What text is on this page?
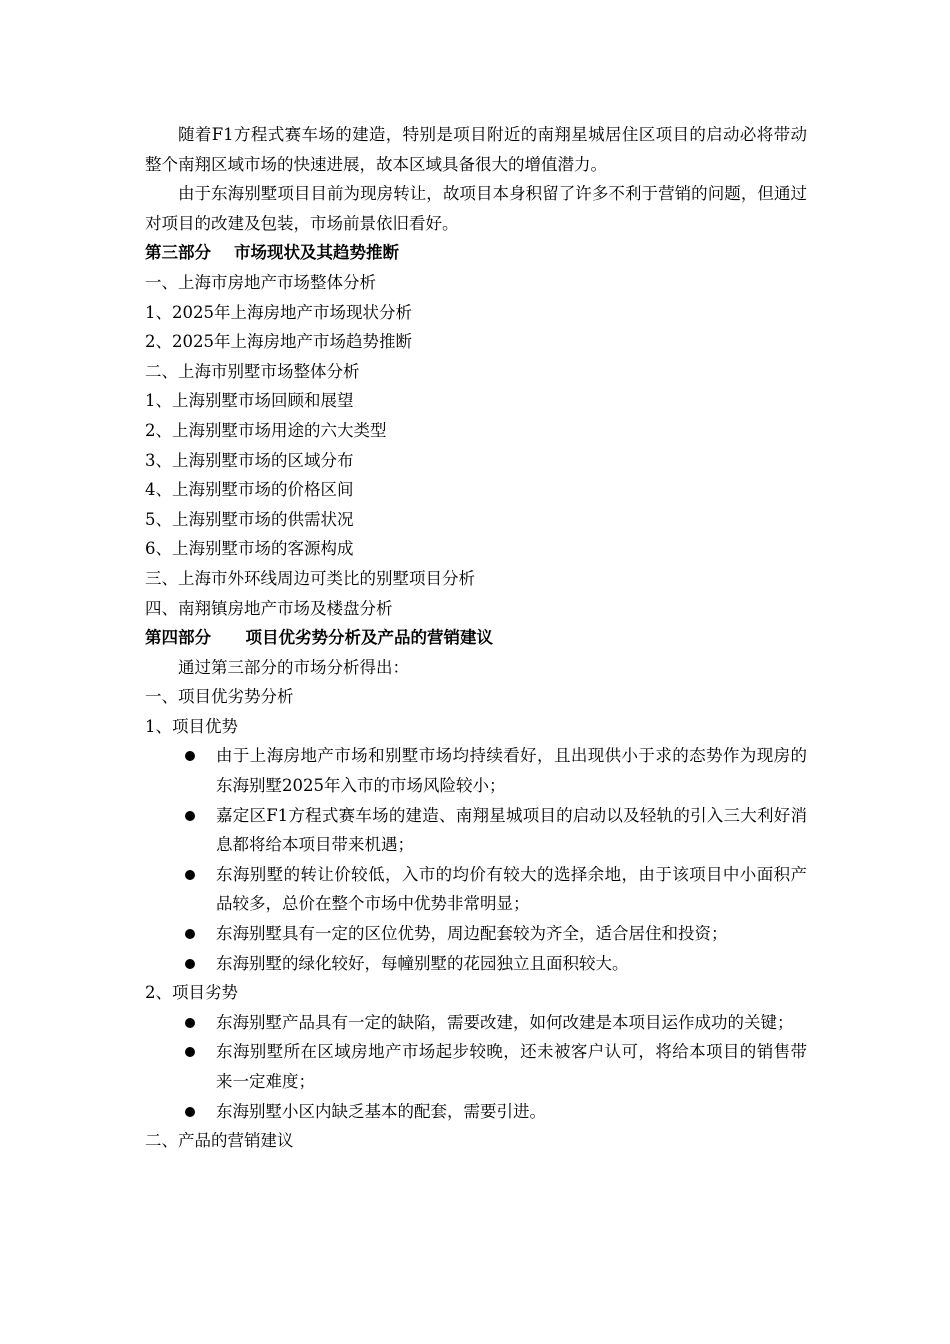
随着F1方程式赛车场的建造，特别是项目附近的南翔星城居住区项目的启动必将带动整个南翔区域市场的快速进展，故本区域具备很大的增值潜力。

由于东海别墅项目目前为现房转让，故项目本身积留了许多不利于营销的问题，但通过对项目的改建及包装，市场前景依旧看好。

第三部分    市场现状及其趋势推断

一、上海市房地产市场整体分析

1、2025年上海房地产市场现状分析

2、2025年上海房地产市场趋势推断

二、上海市别墅市场整体分析

1、上海别墅市场回顾和展望

2、上海别墅市场用途的六大类型

3、上海别墅市场的区域分布

4、上海别墅市场的价格区间

5、上海别墅市场的供需状况

6、上海别墅市场的客源构成

三、上海市外环线周边可类比的别墅项目分析

四、南翔镇房地产市场及楼盘分析

第四部分      项目优劣势分析及产品的营销建议

通过第三部分的市场分析得出：

一、项目优劣势分析

1、项目优势

由于上海房地产市场和别墅市场均持续看好，且出现供小于求的态势作为现房的东海别墅2025年入市的市场风险较小；
嘉定区F1方程式赛车场的建造、南翔星城项目的启动以及轻轨的引入三大利好消息都将给本项目带来机遇；
东海别墅的转让价较低，入市的均价有较大的选择余地，由于该项目中小面积产品较多，总价在整个市场中优势非常明显；
东海别墅具有一定的区位优势，周边配套较为齐全，适合居住和投资；
东海别墅的绿化较好，每幢别墅的花园独立且面积较大。

2、项目劣势

东海别墅产品具有一定的缺陷，需要改建，如何改建是本项目运作成功的关键；
东海别墅所在区域房地产市场起步较晚，还未被客户认可，将给本项目的销售带来一定难度；
东海别墅小区内缺乏基本的配套，需要引进。

二、产品的营销建议
